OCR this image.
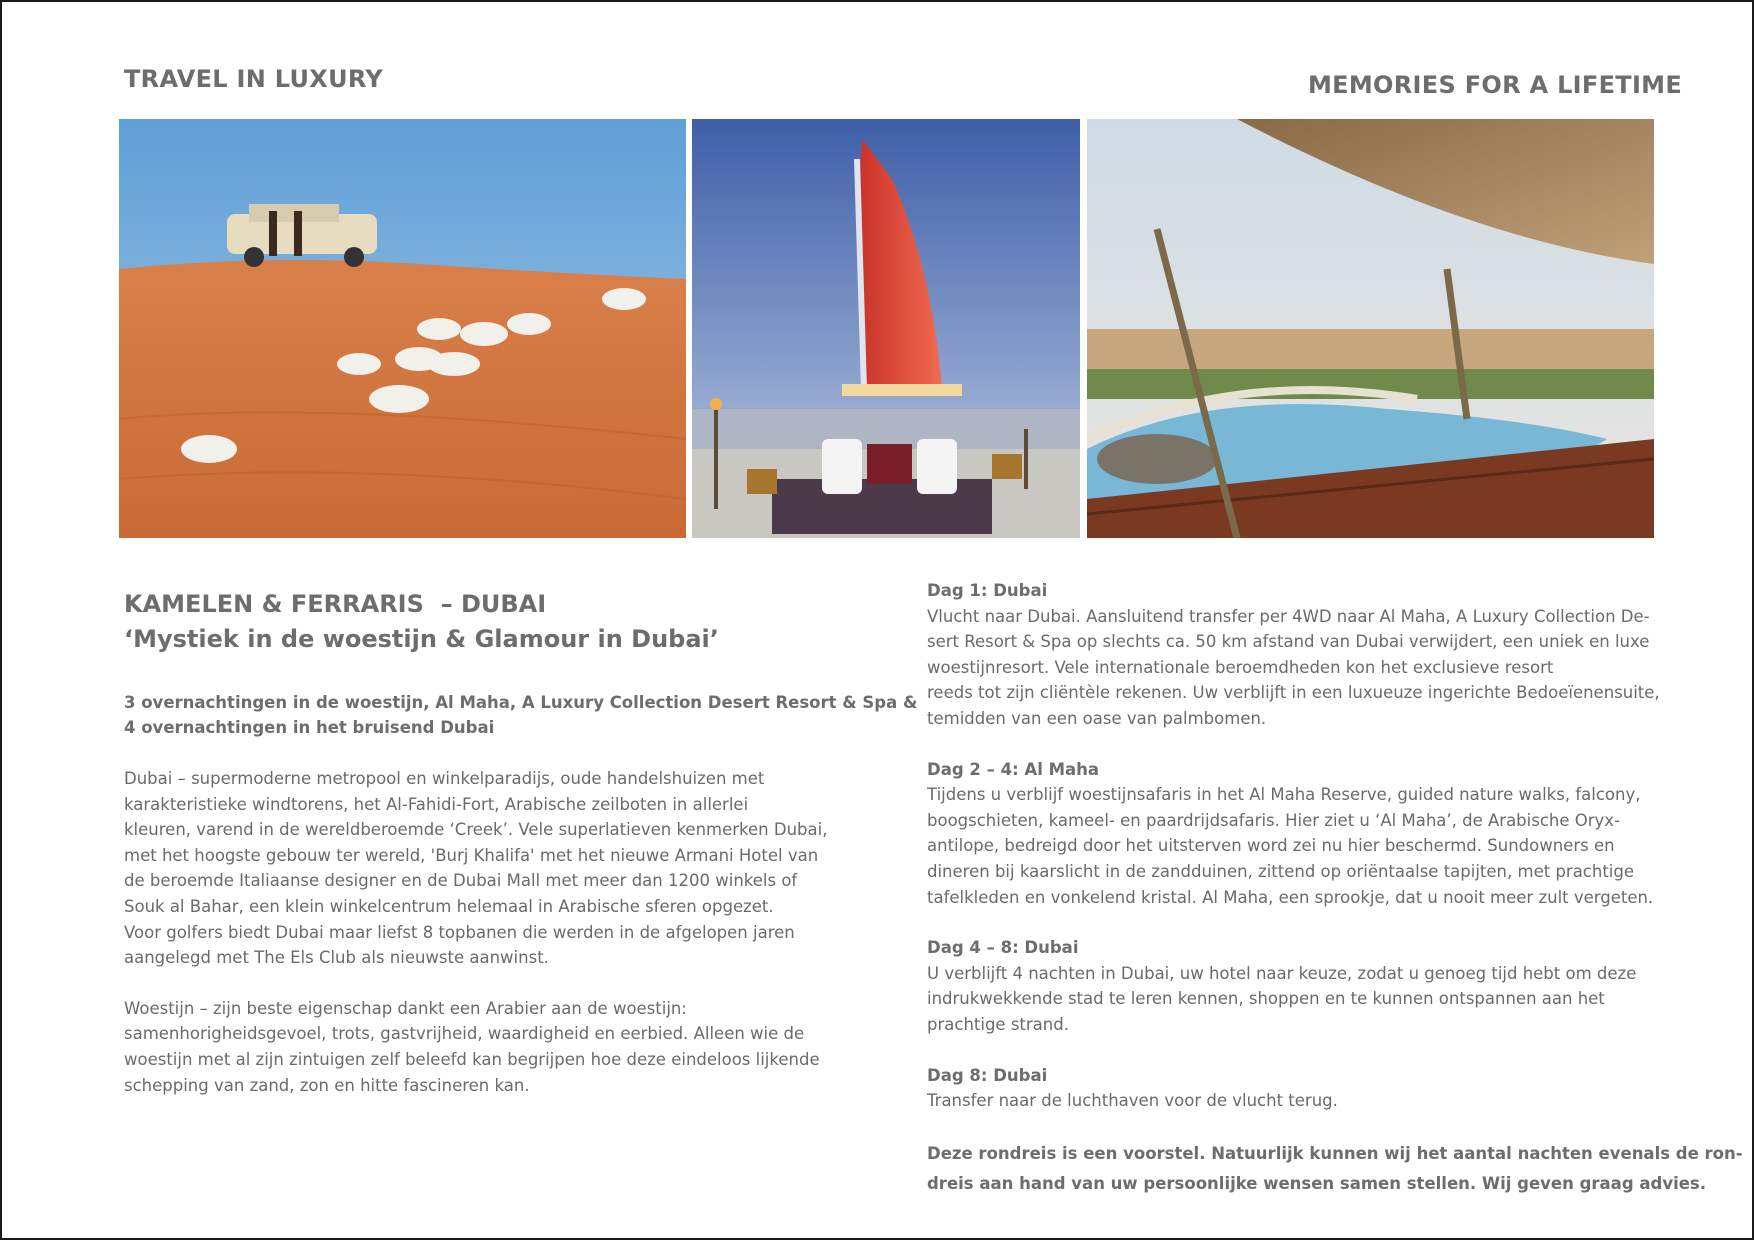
TRAVEL IN LUXURY	MEMORIES FOR A LIFETIME
KAMELEN & FERRARIS  – DUBAI
‘Mystiek in de woestijn & Glamour in Dubai’
3 overnachtingen in de woestijn, Al Maha, A Luxury Collection Desert Resort & Spa &
4 overnachtingen in het bruisend Dubai
Dubai – supermoderne metropool en winkelparadijs, oude handelshuizen met
karakteristieke windtorens, het Al-Fahidi-Fort, Arabische zeilboten in allerlei
kleuren, varend in de wereldberoemde ‘Creek’. Vele superlatieven kenmerken Dubai,
met het hoogste gebouw ter wereld, 'Burj Khalifa' met het nieuwe Armani Hotel van
de beroemde Italiaanse designer en de Dubai Mall met meer dan 1200 winkels of
Souk al Bahar, een klein winkelcentrum helemaal in Arabische sferen opgezet.
Voor golfers biedt Dubai maar liefst 8 topbanen die werden in de afgelopen jaren
aangelegd met The Els Club als nieuwste aanwinst.
Woestijn – zijn beste eigenschap dankt een Arabier aan de woestijn:
samenhorigheidsgevoel, trots, gastvrijheid, waardigheid en eerbied. Alleen wie de
woestijn met al zijn zintuigen zelf beleefd kan begrijpen hoe deze eindeloos lijkende
schepping van zand, zon en hitte fascineren kan.
Dag 1: Dubai
Vlucht naar Dubai. Aansluitend transfer per 4WD naar Al Maha, A Luxury Collection De-
sert Resort & Spa op slechts ca. 50 km afstand van Dubai verwijdert, een uniek en luxe
woestijnresort. Vele internationale beroemdheden kon het exclusieve resort
reeds tot zijn cliëntèle rekenen. Uw verblijft in een luxueuze ingerichte Bedoeïenensuite,
temidden van een oase van palmbomen.
Dag 2 – 4: Al Maha
Tijdens u verblijf woestijnsafaris in het Al Maha Reserve, guided nature walks, falcony,
boogschieten, kameel- en paardrijdsafaris. Hier ziet u ‘Al Maha’, de Arabische Oryx-
antilope, bedreigd door het uitsterven word zei nu hier beschermd. Sundowners en
dineren bij kaarslicht in de zandduinen, zittend op oriëntaalse tapijten, met prachtige
tafelkleden en vonkelend kristal. Al Maha, een sprookje, dat u nooit meer zult vergeten.
Dag 4 – 8: Dubai
U verblijft 4 nachten in Dubai, uw hotel naar keuze, zodat u genoeg tijd hebt om deze
indrukwekkende stad te leren kennen, shoppen en te kunnen ontspannen aan het
prachtige strand.
Dag 8: Dubai
Transfer naar de luchthaven voor de vlucht terug.
Deze rondreis is een voorstel. Natuurlijk kunnen wij het aantal nachten evenals de ron-
dreis aan hand van uw persoonlijke wensen samen stellen. Wij geven graag advies.
